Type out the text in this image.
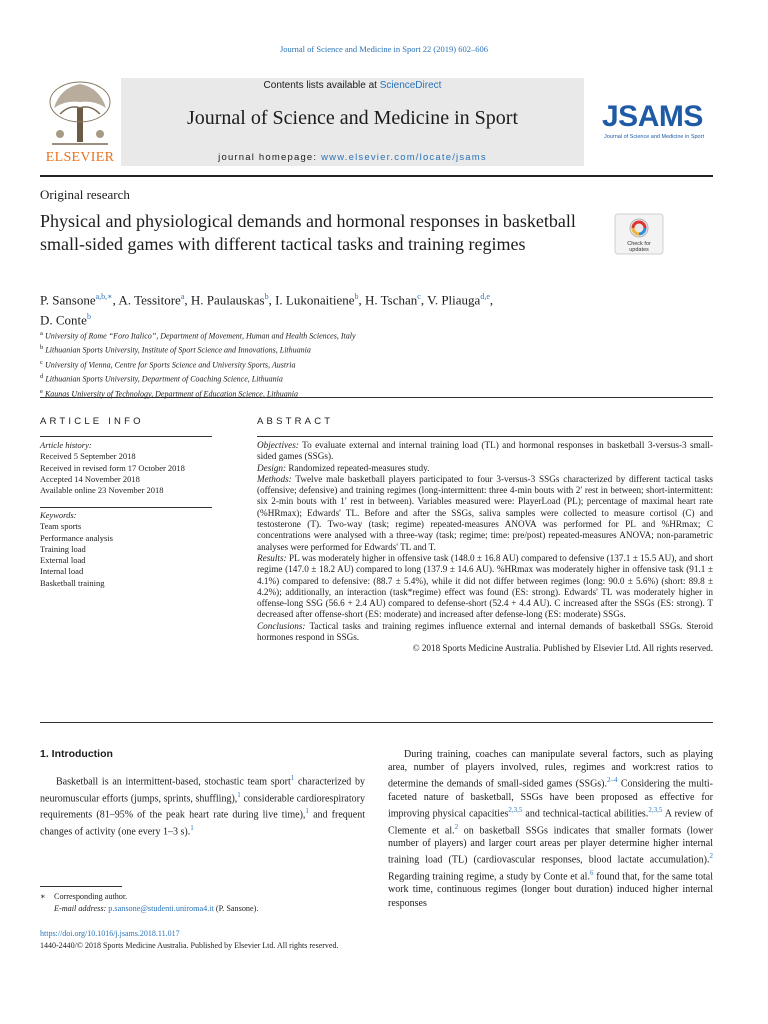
Journal of Science and Medicine in Sport 22 (2019) 602–606
ELSEVIER
Contents lists available at ScienceDirect
Journal of Science and Medicine in Sport
journal homepage: www.elsevier.com/locate/jsams
JSAMS
Journal of Science and Medicine in Sport
Original research
Physical and physiological demands and hormonal responses in basketball small-sided games with different tactical tasks and training regimes	Check for
updates
P. Sansone$^{a,b,∗}$, A. Tessitore$^a$, H. Paulauskas$^b$, I. Lukonaitiene$^b$, H. Tschan$^c$, V. Pliauga$^{d,e}$,
D. Conte$^b$
$^a$ University of Rome “Foro Italico”, Department of Movement, Human and Health Sciences, Italy
$^b$ Lithuanian Sports University, Institute of Sport Science and Innovations, Lithuania
$^c$ University of Vienna, Centre for Sports Science and University Sports, Austria
$^d$ Lithuanian Sports University, Department of Coaching Science, Lithuania
$^e$ Kaunas University of Technology, Department of Education Science, Lithuania
ARTICLE INFO	ABSTRACT
Article history:
Received 5 September 2018
Received in revised form 17 October 2018
Accepted 14 November 2018
Available online 23 November 2018
Keywords:
Team sports
Performance analysis
Training load
External load
Internal load
Basketball training

Objectives: To evaluate external and internal training load (TL) and hormonal responses in basketball 3-versus-3 small-sided games (SSGs).

Design: Randomized repeated-measures study.

Methods: Twelve male basketball players participated to four 3-versus-3 SSGs characterized by different tactical tasks (offensive; defensive) and training regimes (long-intermittent: three 4-min bouts with 2′ rest in between; short-intermittent: six 2-min bouts with 1′ rest in between). Variables measured were: PlayerLoad (PL); percentage of maximal heart rate (%HRmax); Edwards' TL. Before and after the SSGs, saliva samples were collected to measure cortisol (C) and testosterone (T). Two-way (task; regime) repeated-measures ANOVA was performed for PL and %HRmax; C concentrations were analysed with a three-way (task; regime; time: pre/post) repeated-measures ANOVA; non-parametric analyses were performed for Edwards' TL and T.

Results: PL was moderately higher in offensive task (148.0 ± 16.8 AU) compared to defensive (137.1 ± 15.5 AU), and short regime (147.0 ± 18.2 AU) compared to long (137.9 ± 14.6 AU). %HRmax was moderately higher in offensive task (91.1 ± 4.1%) compared to defensive: (88.7 ± 5.4%), while it did not differ between regimes (long: 90.0 ± 5.6%) (short: 89.8 ± 4.2%); additionally, an interaction (task*regime) effect was found (ES: strong). Edwards' TL was moderately higher in offense-long SSG (56.6 + 2.4 AU) compared to defense-short (52.4 + 4.4 AU). C increased after the SSGs (ES: strong). T decreased after offense-short (ES: moderate) and increased after defense-long (ES: moderate) SSGs.

Conclusions: Tactical tasks and training regimes influence external and internal demands of basketball SSGs. Steroid hormones respond in SSGs.

© 2018 Sports Medicine Australia. Published by Elsevier Ltd. All rights reserved.

1. Introduction

Basketball is an intermittent-based, stochastic team sport$^1$ characterized by neuromuscular efforts (jumps, sprints, shuffling),$^1$ considerable cardiorespiratory requirements (81–95% of the peak heart rate during live time),$^1$ and frequent changes of activity (one every 1–3 s).$^1$

During training, coaches can manipulate several factors, such as playing area, number of players involved, rules, regimes and work:rest ratios to determine the demands of small-sided games (SSGs).$^{2-4}$ Considering the multi-faceted nature of basketball, SSGs have been proposed as effective for improving physical capacities$^{2,3,5}$ and technical-tactical abilities.$^{2,3,5}$ A review of Clemente et al.$^2$ on basketball SSGs indicates that smaller formats (lower number of players) and larger court areas per player determine higher internal training load (TL) (cardiovascular responses, blood lactate accumulation).$^2$ Regarding training regime, a study by Conte et al.$^6$ found that, for the same total work time, continuous regimes (longer bout duration) induced higher internal responses

∗ Corresponding author.
E-mail address: p.sansone@studenti.uniroma4.it (P. Sansone).
https://doi.org/10.1016/j.jsams.2018.11.017
1440-2440/© 2018 Sports Medicine Australia. Published by Elsevier Ltd. All rights reserved.
